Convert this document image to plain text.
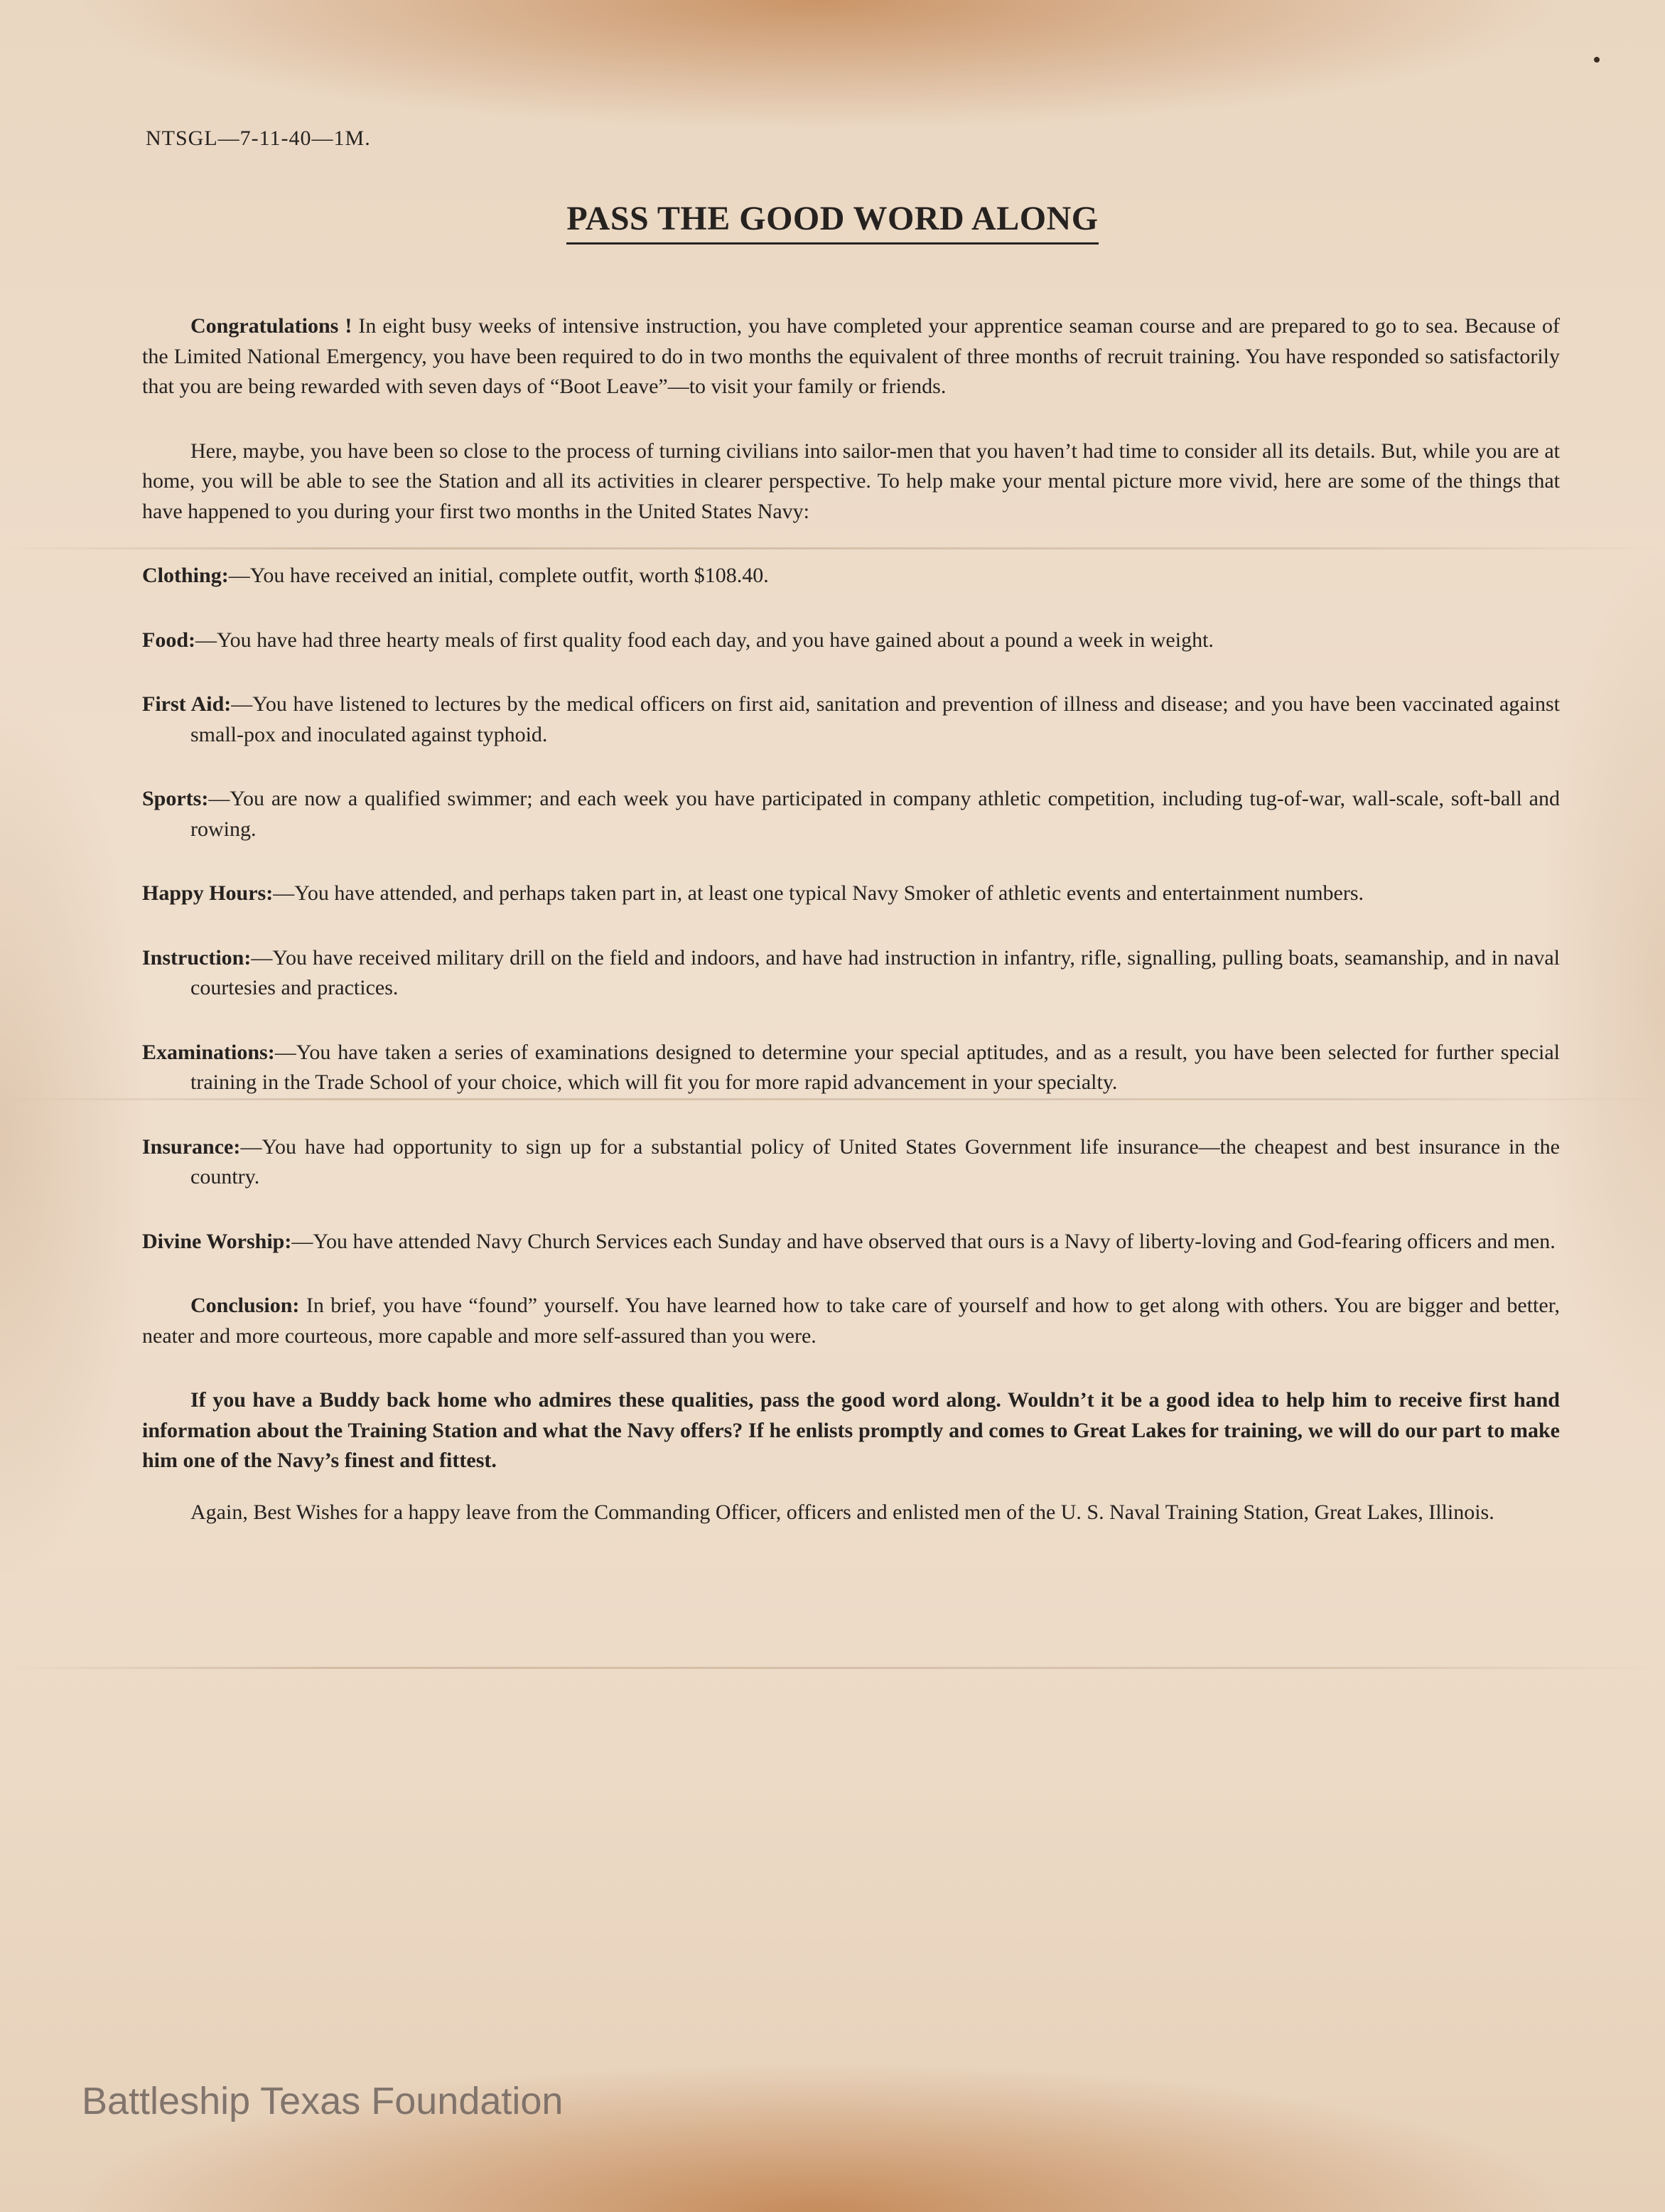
NTSGL—7-11-40—1M.
PASS THE GOOD WORD ALONG

Congratulations ! In eight busy weeks of intensive instruction, you have completed your apprentice seaman course and are prepared to go to sea. Because of the Limited National Emergency, you have been required to do in two months the equivalent of three months of recruit training. You have responded so satisfactorily that you are being rewarded with seven days of “Boot Leave”—to visit your family or friends.

Here, maybe, you have been so close to the process of turning civilians into sailor-men that you haven’t had time to consider all its details. But, while you are at home, you will be able to see the Station and all its activities in clearer perspective. To help make your mental picture more vivid, here are some of the things that have happened to you during your first two months in the United States Navy:

Clothing:—You have received an initial, complete outfit, worth $108.40.

Food:—You have had three hearty meals of first quality food each day, and you have gained about a pound a week in weight.

First Aid:—You have listened to lectures by the medical officers on first aid, sanitation and prevention of illness and disease; and you have been vaccinated against small-pox and inoculated against typhoid.

Sports:—You are now a qualified swimmer; and each week you have participated in company athletic competition, including tug-of-war, wall-scale, soft-ball and rowing.

Happy Hours:—You have attended, and perhaps taken part in, at least one typical Navy Smoker of athletic events and entertainment numbers.

Instruction:—You have received military drill on the field and indoors, and have had instruction in infantry, rifle, signalling, pulling boats, seamanship, and in naval courtesies and practices.

Examinations:—You have taken a series of examinations designed to determine your special aptitudes, and as a result, you have been selected for further special training in the Trade School of your choice, which will fit you for more rapid advancement in your specialty.

Insurance:—You have had opportunity to sign up for a substantial policy of United States Government life insurance—the cheapest and best insurance in the country.

Divine Worship:—You have attended Navy Church Services each Sunday and have observed that ours is a Navy of liberty-loving and God-fearing officers and men.

Conclusion: In brief, you have “found” yourself. You have learned how to take care of yourself and how to get along with others. You are bigger and better, neater and more courteous, more capable and more self-assured than you were.

If you have a Buddy back home who admires these qualities, pass the good word along. Wouldn’t it be a good idea to help him to receive first hand information about the Training Station and what the Navy offers? If he enlists promptly and comes to Great Lakes for training, we will do our part to make him one of the Navy’s finest and fittest.

Again, Best Wishes for a happy leave from the Commanding Officer, officers and enlisted men of the U. S. Naval Training Station, Great Lakes, Illinois.

Battleship Texas Foundation
